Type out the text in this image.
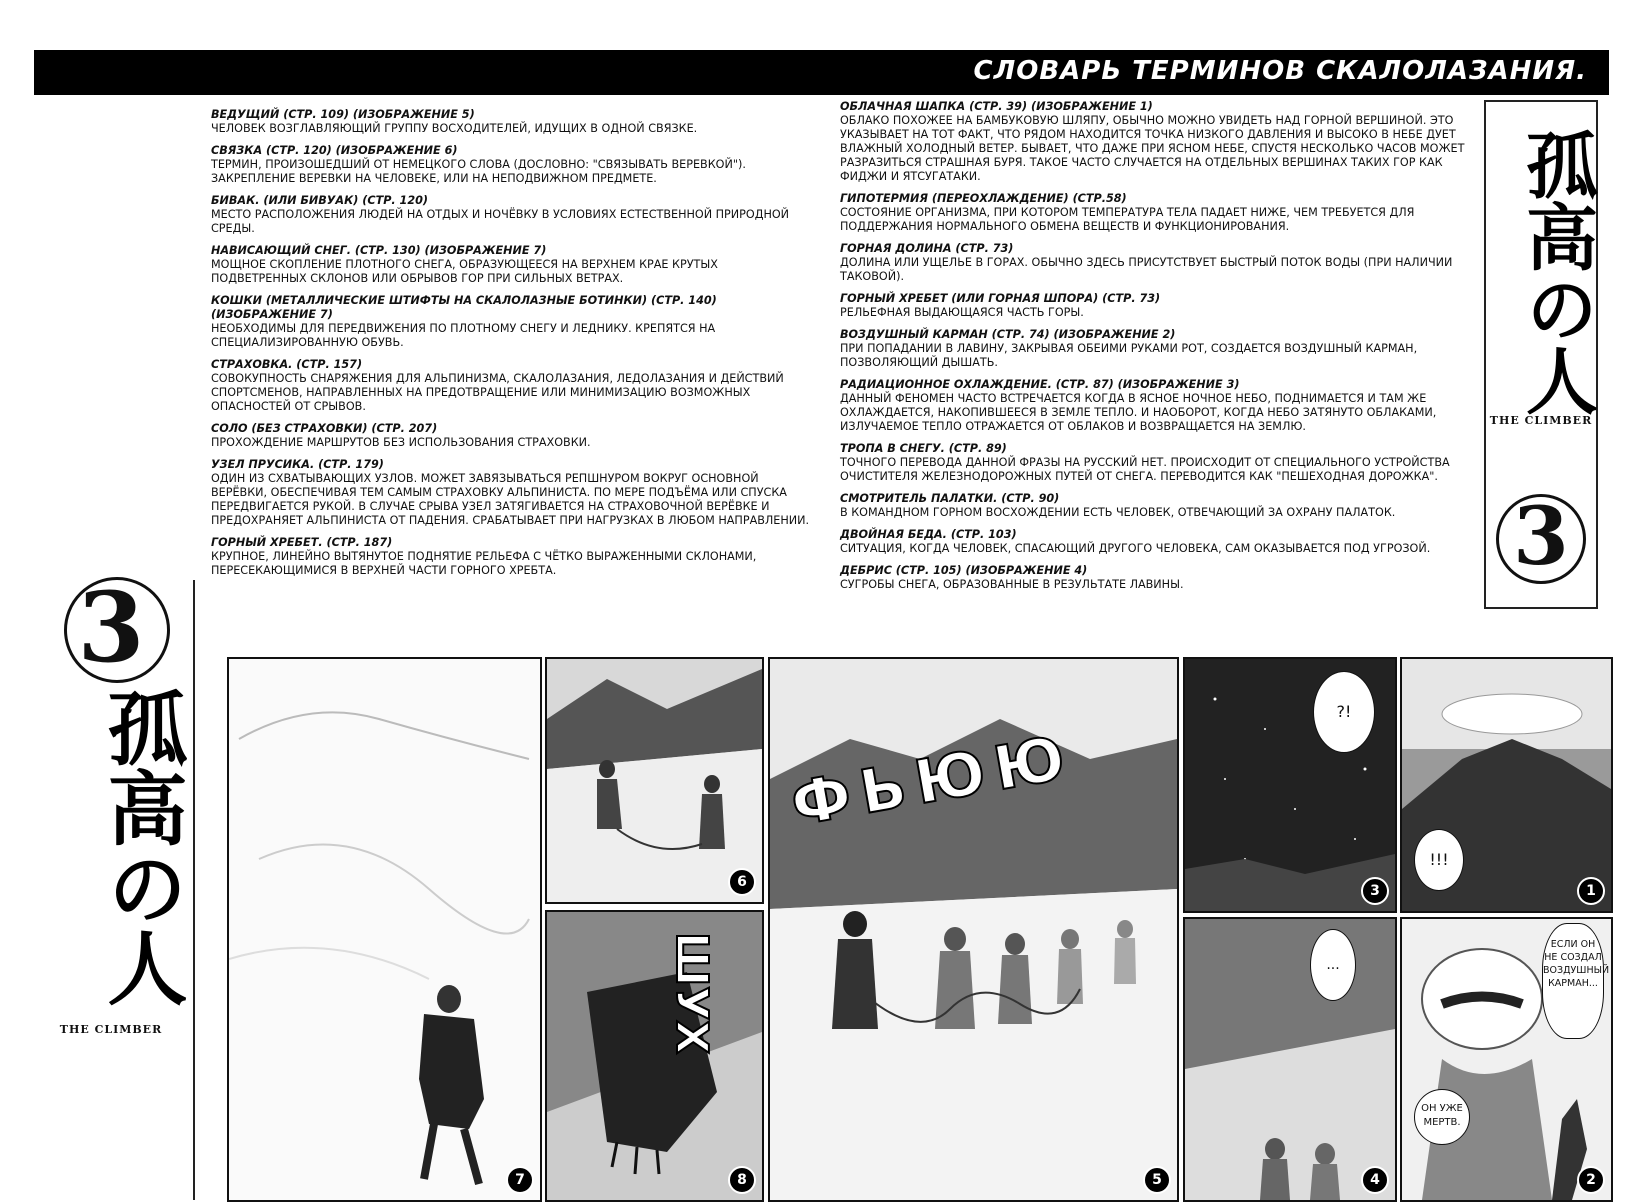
СЛОВАРЬ ТЕРМИНОВ СКАЛОЛАЗАНИЯ.
ВЕДУЩИЙ (СТР. 109) (ИЗОБРАЖЕНИЕ 5)
ЧЕЛОВЕК ВОЗГЛАВЛЯЮЩИЙ ГРУППУ ВОСХОДИТЕЛЕЙ, ИДУЩИХ В ОДНОЙ СВЯЗКЕ.
СВЯЗКА (СТР. 120) (ИЗОБРАЖЕНИЕ 6)
ТЕРМИН, ПРОИЗОШЕДШИЙ ОТ НЕМЕЦКОГО СЛОВА (ДОСЛОВНО: "СВЯЗЫВАТЬ ВЕРЕВКОЙ"). ЗАКРЕПЛЕНИЕ ВЕРЕВКИ НА ЧЕЛОВЕКЕ, ИЛИ НА НЕПОДВИЖНОМ ПРЕДМЕТЕ.
БИВАК. (ИЛИ БИВУАК) (СТР. 120)
МЕСТО РАСПОЛОЖЕНИЯ ЛЮДЕЙ НА ОТДЫХ И НОЧЁВКУ В УСЛОВИЯХ ЕСТЕСТВЕННОЙ ПРИРОДНОЙ СРЕДЫ.
НАВИСАЮЩИЙ СНЕГ. (СТР. 130) (ИЗОБРАЖЕНИЕ 7)
МОЩНОЕ СКОПЛЕНИЕ ПЛОТНОГО СНЕГА, ОБРАЗУЮЩЕЕСЯ НА ВЕРХНЕМ КРАЕ КРУТЫХ ПОДВЕТРЕННЫХ СКЛОНОВ ИЛИ ОБРЫВОВ ГОР ПРИ СИЛЬНЫХ ВЕТРАХ.
КОШКИ (МЕТАЛЛИЧЕСКИЕ ШТИФТЫ НА СКАЛОЛАЗНЫЕ БОТИНКИ) (СТР. 140) (ИЗОБРАЖЕНИЕ 7)
НЕОБХОДИМЫ ДЛЯ ПЕРЕДВИЖЕНИЯ ПО ПЛОТНОМУ СНЕГУ И ЛЕДНИКУ. КРЕПЯТСЯ НА СПЕЦИАЛИЗИРОВАННУЮ ОБУВЬ.
СТРАХОВКА. (СТР. 157)
СОВОКУПНОСТЬ СНАРЯЖЕНИЯ ДЛЯ АЛЬПИНИЗМА, СКАЛОЛАЗАНИЯ, ЛЕДОЛАЗАНИЯ И ДЕЙСТВИЙ СПОРТСМЕНОВ, НАПРАВЛЕННЫХ НА ПРЕДОТВРАЩЕНИЕ ИЛИ МИНИМИЗАЦИЮ ВОЗМОЖНЫХ ОПАСНОСТЕЙ ОТ СРЫВОВ.
СОЛО (БЕЗ СТРАХОВКИ) (СТР. 207)
ПРОХОЖДЕНИЕ МАРШРУТОВ БЕЗ ИСПОЛЬЗОВАНИЯ СТРАХОВКИ.
УЗЕЛ ПРУСИКА. (СТР. 179)
ОДИН ИЗ СХВАТЫВАЮЩИХ УЗЛОВ. МОЖЕТ ЗАВЯЗЫВАТЬСЯ РЕПШНУРОМ ВОКРУГ ОСНОВНОЙ ВЕРЁВКИ, ОБЕСПЕЧИВАЯ ТЕМ САМЫМ СТРАХОВКУ АЛЬПИНИСТА. ПО МЕРЕ ПОДЪЁМА ИЛИ СПУСКА ПЕРЕДВИГАЕТСЯ РУКОЙ. В СЛУЧАЕ СРЫВА УЗЕЛ ЗАТЯГИВАЕТСЯ НА СТРАХОВОЧНОЙ ВЕРЁВКЕ И ПРЕДОХРАНЯЕТ АЛЬПИНИСТА ОТ ПАДЕНИЯ. СРАБАТЫВАЕТ ПРИ НАГРУЗКАХ В ЛЮБОМ НАПРАВЛЕНИИ.
ГОРНЫЙ ХРЕБЕТ. (СТР. 187)
КРУПНОЕ, ЛИНЕЙНО ВЫТЯНУТОЕ ПОДНЯТИЕ РЕЛЬЕФА С ЧЁТКО ВЫРАЖЕННЫМИ СКЛОНАМИ, ПЕРЕСЕКАЮЩИМИСЯ В ВЕРХНЕЙ ЧАСТИ ГОРНОГО ХРЕБТА.
ОБЛАЧНАЯ ШАПКА (СТР. 39) (ИЗОБРАЖЕНИЕ 1)
ОБЛАКО ПОХОЖЕЕ НА БАМБУКОВУЮ ШЛЯПУ, ОБЫЧНО МОЖНО УВИДЕТЬ НАД ГОРНОЙ ВЕРШИНОЙ. ЭТО УКАЗЫВАЕТ НА ТОТ ФАКТ, ЧТО РЯДОМ НАХОДИТСЯ ТОЧКА НИЗКОГО ДАВЛЕНИЯ И ВЫСОКО В НЕБЕ ДУЕТ ВЛАЖНЫЙ ХОЛОДНЫЙ ВЕТЕР. БЫВАЕТ, ЧТО ДАЖЕ ПРИ ЯСНОМ НЕБЕ, СПУСТЯ НЕСКОЛЬКО ЧАСОВ МОЖЕТ РАЗРАЗИТЬСЯ СТРАШНАЯ БУРЯ. ТАКОЕ ЧАСТО СЛУЧАЕТСЯ НА ОТДЕЛЬНЫХ ВЕРШИНАХ ТАКИХ ГОР КАК ФИДЖИ И ЯТСУГАТАКИ.
ГИПОТЕРМИЯ (ПЕРЕОХЛАЖДЕНИЕ) (СТР.58)
СОСТОЯНИЕ ОРГАНИЗМА, ПРИ КОТОРОМ ТЕМПЕРАТУРА ТЕЛА ПАДАЕТ НИЖЕ, ЧЕМ ТРЕБУЕТСЯ ДЛЯ ПОДДЕРЖАНИЯ НОРМАЛЬНОГО ОБМЕНА ВЕЩЕСТВ И ФУНКЦИОНИРОВАНИЯ.
ГОРНАЯ ДОЛИНА (СТР. 73)
ДОЛИНА ИЛИ УЩЕЛЬЕ В ГОРАХ. ОБЫЧНО ЗДЕСЬ ПРИСУТСТВУЕТ БЫСТРЫЙ ПОТОК ВОДЫ (ПРИ НАЛИЧИИ ТАКОВОЙ).
ГОРНЫЙ ХРЕБЕТ (ИЛИ ГОРНАЯ ШПОРА) (СТР. 73)
РЕЛЬЕФНАЯ ВЫДАЮЩАЯСЯ ЧАСТЬ ГОРЫ.
ВОЗДУШНЫЙ КАРМАН (СТР. 74) (ИЗОБРАЖЕНИЕ 2)
ПРИ ПОПАДАНИИ В ЛАВИНУ, ЗАКРЫВАЯ ОБЕИМИ РУКАМИ РОТ, СОЗДАЕТСЯ ВОЗДУШНЫЙ КАРМАН, ПОЗВОЛЯЮЩИЙ ДЫШАТЬ.
РАДИАЦИОННОЕ ОХЛАЖДЕНИЕ. (СТР. 87) (ИЗОБРАЖЕНИЕ 3)
ДАННЫЙ ФЕНОМЕН ЧАСТО ВСТРЕЧАЕТСЯ КОГДА В ЯСНОЕ НОЧНОЕ НЕБО, ПОДНИМАЕТСЯ И ТАМ ЖЕ ОХЛАЖДАЕТСЯ, НАКОПИВШЕЕСЯ В ЗЕМЛЕ ТЕПЛО. И НАОБОРОТ, КОГДА НЕБО ЗАТЯНУТО ОБЛАКАМИ, ИЗЛУЧАЕМОЕ ТЕПЛО ОТРАЖАЕТСЯ ОТ ОБЛАКОВ И ВОЗВРАЩАЕТСЯ НА ЗЕМЛЮ.
ТРОПА В СНЕГУ. (СТР. 89)
ТОЧНОГО ПЕРЕВОДА ДАННОЙ ФРАЗЫ НА РУССКИЙ НЕТ. ПРОИСХОДИТ ОТ СПЕЦИАЛЬНОГО УСТРОЙСТВА ОЧИСТИТЕЛЯ ЖЕЛЕЗНОДОРОЖНЫХ ПУТЕЙ ОТ СНЕГА. ПЕРЕВОДИТСЯ КАК "ПЕШЕХОДНАЯ ДОРОЖКА".
СМОТРИТЕЛЬ ПАЛАТКИ. (СТР. 90)
В КОМАНДНОМ ГОРНОМ ВОСХОЖДЕНИИ ЕСТЬ ЧЕЛОВЕК, ОТВЕЧАЮЩИЙ ЗА ОХРАНУ ПАЛАТОК.
ДВОЙНАЯ БЕДА. (СТР. 103)
СИТУАЦИЯ, КОГДА ЧЕЛОВЕК, СПАСАЮЩИЙ ДРУГОГО ЧЕЛОВЕКА, САМ ОКАЗЫВАЕТСЯ ПОД УГРОЗОЙ.
ДЕБРИС (СТР. 105) (ИЗОБРАЖЕНИЕ 4)
СУГРОБЫ СНЕГА, ОБРАЗОВАННЫЕ В РЕЗУЛЬТАТЕ ЛАВИНЫ.
孤高の人
THE CLIMBER
3
3
孤高の人
THE CLIMBER
7
6
ШУХ
8
ФЬЮЮ
5
?!
3
!!!
1
...
4
ЕСЛИ ОН НЕ СОЗДАЛ ВОЗДУШНЫЙ КАРМАН...
ОН УЖЕ МЕРТВ.
2
